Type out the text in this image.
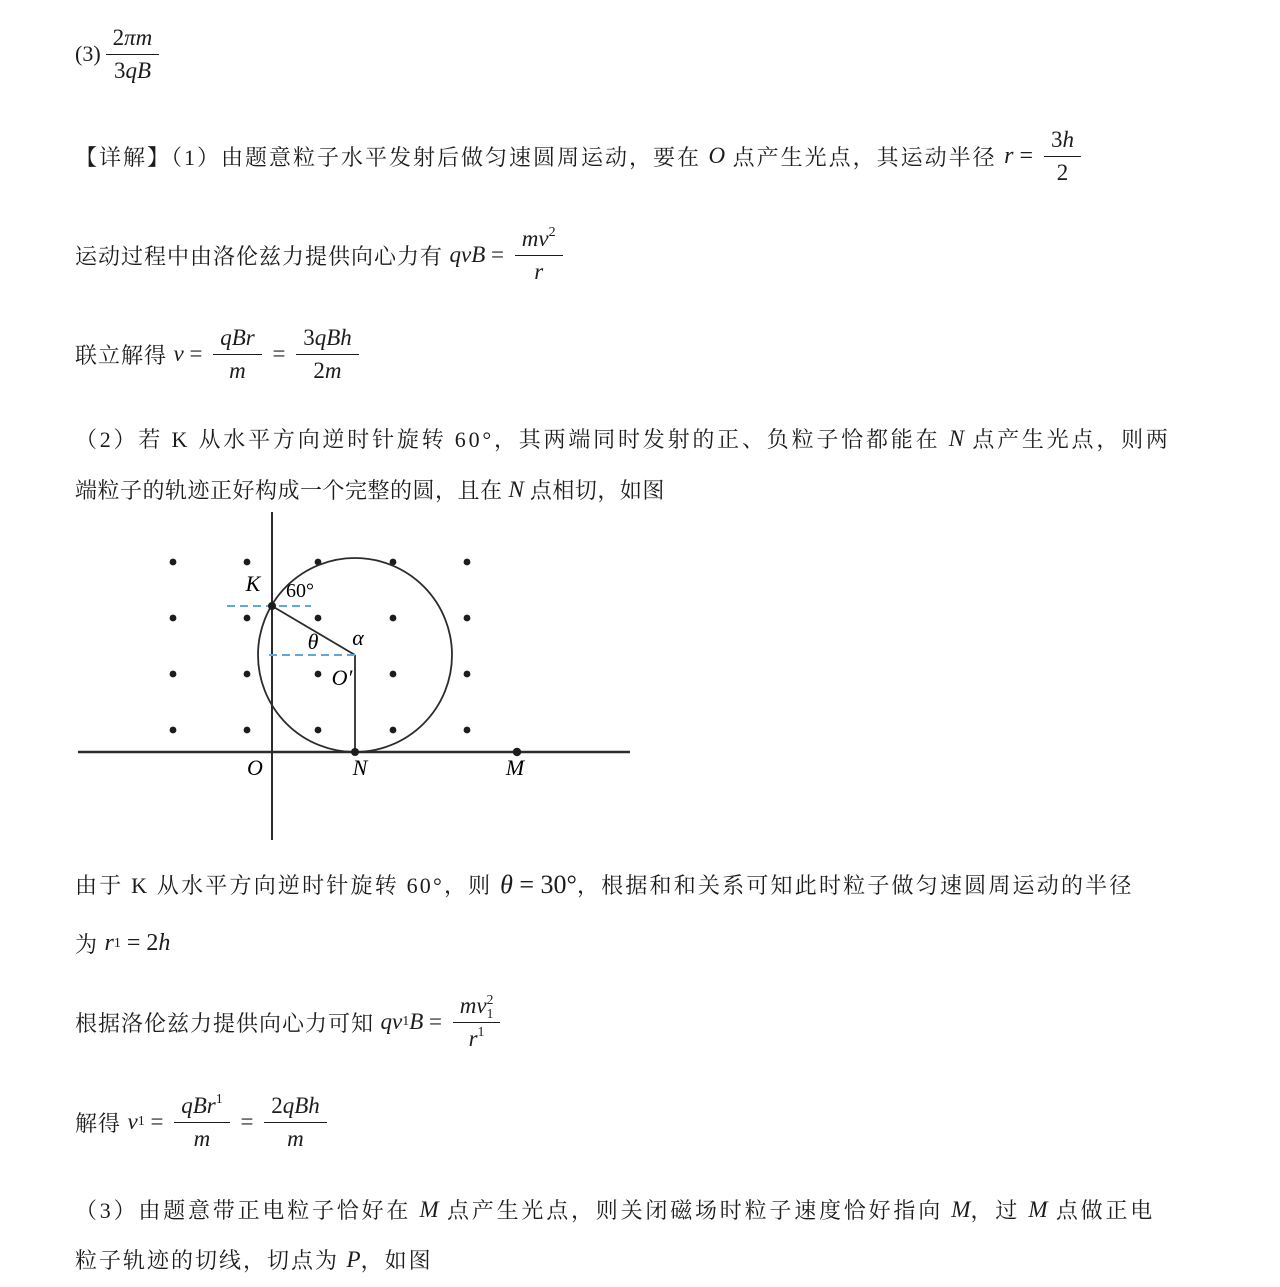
$(3) \frac{2 \pi m}{3 qB}$
【详解】（1）由题意粒子水平发射后做匀速圆周运动，要在 O 点产生光点，其运动半径 $r = \frac{3 h}{2}$
运动过程中由洛伦兹力提供向心力有 qvB = $\frac{mv^2}{r}$
联立解得 $v = \frac{\text{qBr}}{m} = \frac{\text{3 qBh}}{2 m}$
（2）若 K 从水平方向逆时针旋转 60°，其两端同时发射的正、负粒子恰都能在 N 点产生光点，则两
端粒子的轨迹正好构成一个完整的圆，且在 N 点相切，如图
K 60°
θ α
O′
O	N	M
由于 K 从水平方向逆时针旋转 60°，则 θ = 30° ，根据和和关系可知此时粒子做匀速圆周运动的半径
为 r 1 = 2 h
根据洛伦兹力提供向心力可知 qv 1 B = mv 2
1
$r^1$
解得 v $1 = \frac{qBr^1}{m} = \frac{\text{2 qBh}}{m}$
（3）由题意带正电粒子恰好在 M 点产生光点，则关闭磁场时粒子速度恰好指向 M ，过 M 点做正电
粒子轨迹的切线，切点为 P ，如图
